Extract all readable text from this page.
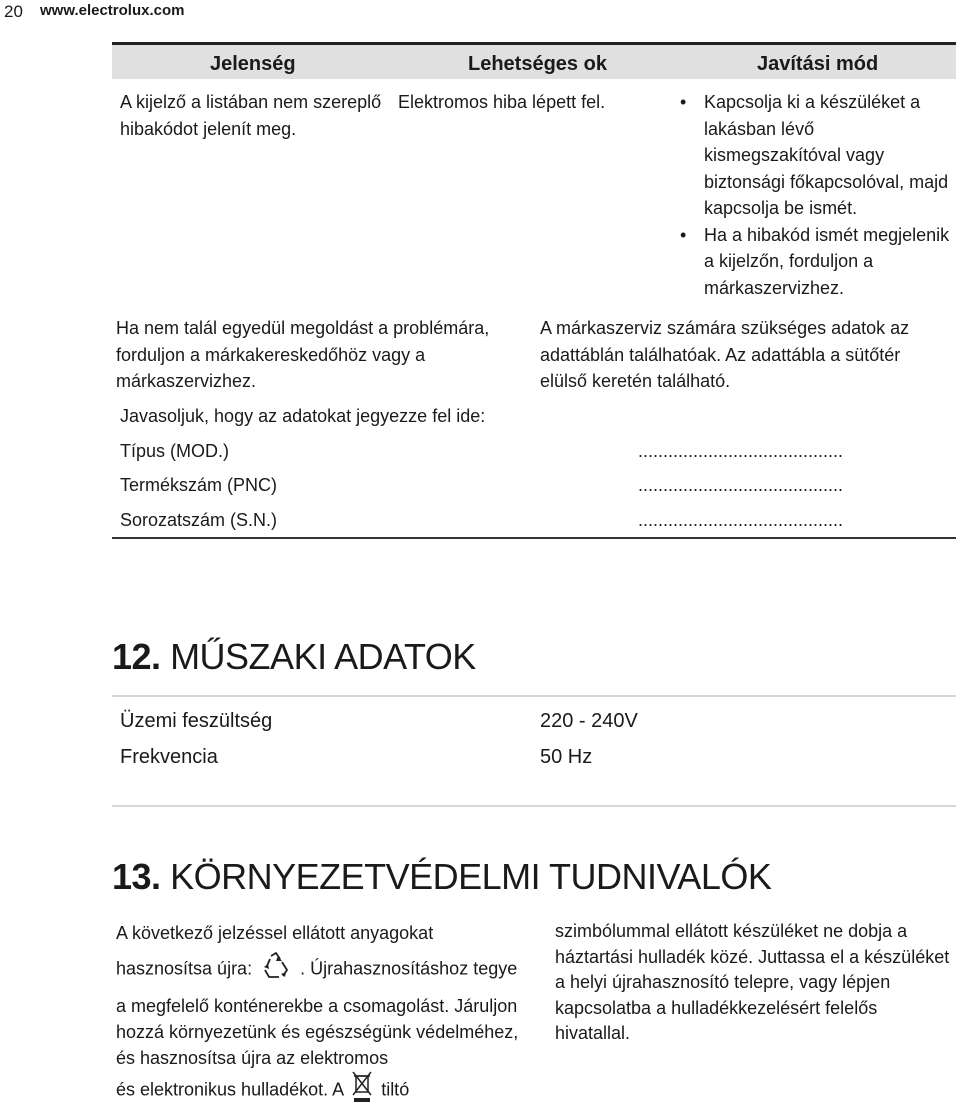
20 www.electrolux.com
Jelenség	Lehetséges ok	Javítási mód
A kijelző a listában nem szereplő hibakódot jelenít meg.
Elektromos hiba lépett fel.
•	Kapcsolja ki a készüléket a lakásban lévő kismegszakítóval vagy biztonsági főkapcsolóval, majd kapcsolja be ismét.
• Ha a hibakód ismét megjelenik a kijelzőn, forduljon a márkaszervizhez.
Ha nem talál egyedül megoldást a problémára, forduljon a márkakereskedőhöz vagy a márkaszervizhez.
A márkaszerviz számára szükséges adatok az adattáblán találhatóak. Az adattábla a sütőtér elülső keretén található.
Javasoljuk, hogy az adatokat jegyezze fel ide:
Típus (MOD.)	.........................................
Termékszám (PNC)	.........................................
Sorozatszám (S.N.)	.........................................
12. MŰSZAKI ADATOK
Üzemi feszültség	220 - 240V
Frekvencia	50 Hz
13. KÖRNYEZETVÉDELMI TUDNIVALÓK
A következő jelzéssel ellátott anyagokat
hasznosítsa újra:	. Újrahasznosításhoz tegye
a megfelelő konténerekbe a csomagolást. Járuljon hozzá környezetünk és egészségünk védelméhez, és hasznosítsa újra az elektromos
és elektronikus hulladékot. A tiltó
szimbólummal ellátott készüléket ne dobja a háztartási hulladék közé. Juttassa el a készüléket a helyi újrahasznosító telepre, vagy lépjen kapcsolatba a hulladékkezelésért felelős hivatallal.
